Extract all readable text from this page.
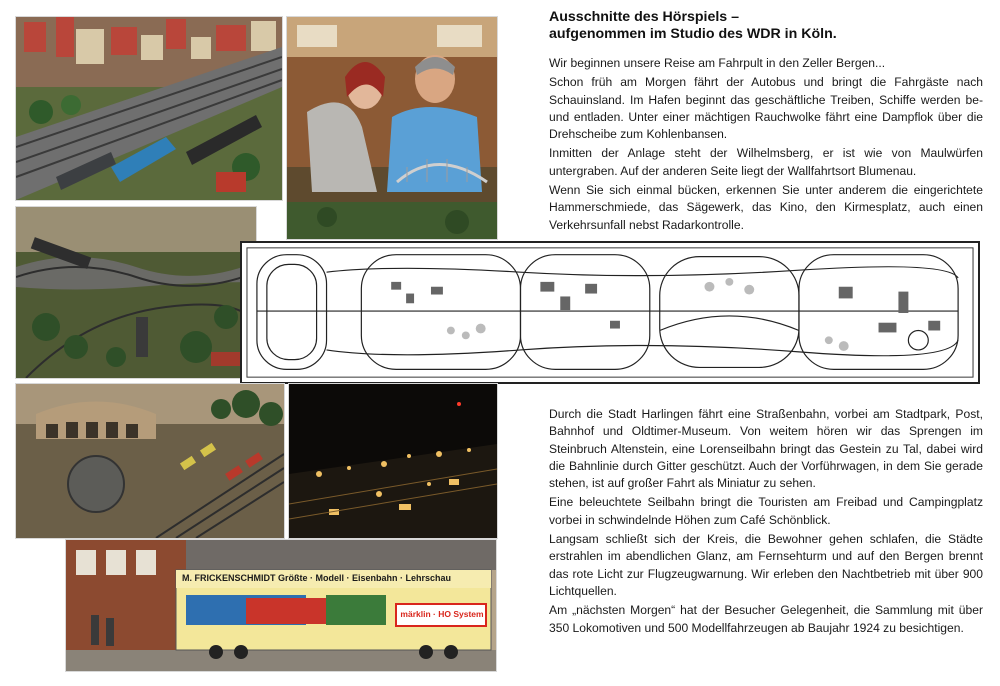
Ausschnitte des Hörspiels –
aufgenommen im Studio des WDR in Köln.

Wir beginnen unsere Reise am Fahrpult in den Zeller Bergen...

Schon früh am Morgen fährt der Autobus und bringt die Fahrgäste nach Schauinsland. Im Hafen beginnt das geschäftliche Treiben, Schiffe werden be- und entladen. Unter einer mächtigen Rauchwolke fährt eine Dampflok über die Drehscheibe zum Kohlenbansen.

Inmitten der Anlage steht der Wilhelmsberg, er ist wie von Maulwürfen untergraben. Auf der anderen Seite liegt der Wallfahrtsort Blumenau.

Wenn Sie sich einmal bücken, erkennen Sie unter anderem die eingerichtete Hammerschmiede, das Sägewerk, das Kino, den Kirmesplatz, auch einen Verkehrsunfall nebst Radarkontrolle.

Durch die Stadt Harlingen fährt eine Straßenbahn, vorbei am Stadtpark, Post, Bahnhof und Oldtimer-Museum. Von weitem hören wir das Sprengen im Steinbruch Altenstein, eine Lorenseilbahn bringt das Gestein zu Tal, dabei wird die Bahnlinie durch Gitter geschützt. Auch der Vorführwagen, in dem Sie gerade stehen, ist auf großer Fahrt als Miniatur zu sehen.

Eine beleuchtete Seilbahn bringt die Touristen am Freibad und Campingplatz vorbei in schwindelnde Höhen zum Café Schönblick.

Langsam schließt sich der Kreis, die Bewohner gehen schlafen, die Städte erstrahlen im abendlichen Glanz, am Fernsehturm und auf den Bergen brennt das rote Licht zur Flugzeugwarnung. Wir erleben den Nachtbetrieb mit über 900 Lichtquellen.

Am „nächsten Morgen“ hat der Besucher Gelegenheit, die Sammlung mit über 350 Lokomotiven und 500 Modellfahrzeugen ab Baujahr 1924 zu besichtigen.

M. FRICKENSCHMIDT Größte · Modell · Eisenbahn · Lehrschau
märklin · HO System
